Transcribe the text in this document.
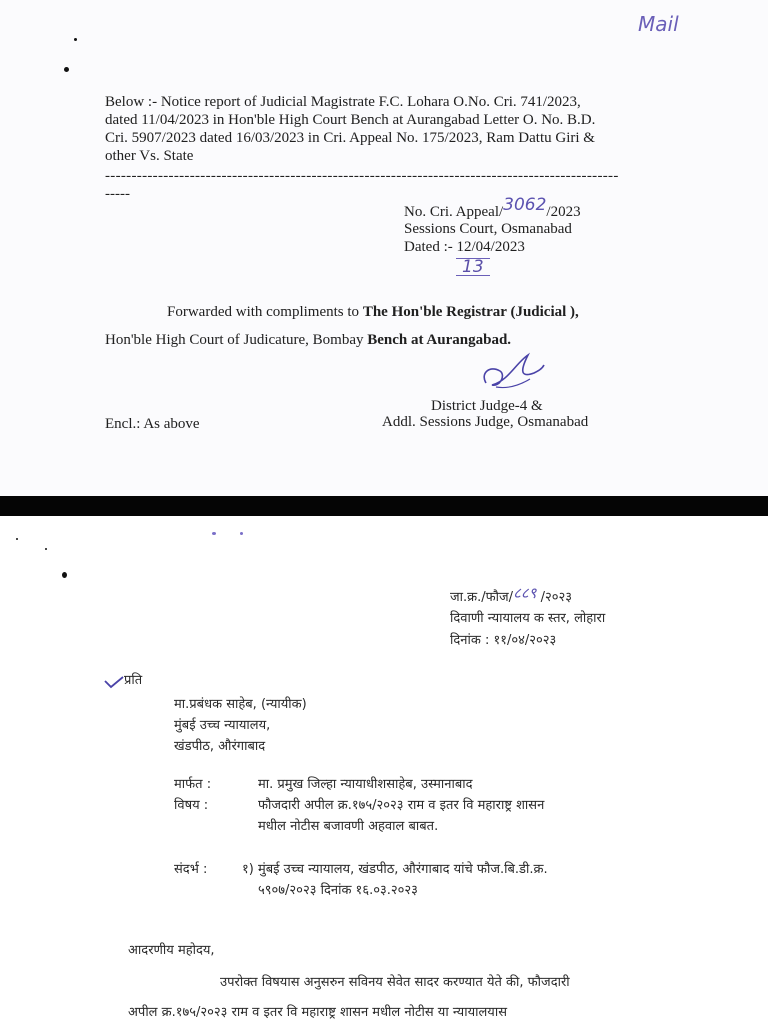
Mail
Below :- Notice report of Judicial Magistrate F.C. Lohara O.No. Cri. 741/2023,
dated 11/04/2023 in Hon'ble High Court Bench at Aurangabad Letter O. No. B.D.
Cri. 5907/2023 dated 16/03/2023 in Cri. Appeal No. 175/2023, Ram Dattu Giri &
other Vs. State
-------------------------------------------------------------------------------------------------
-----
No. Cri. Appeal/3062/2023
Sessions Court, Osmanabad
Dated :- 12/04/2023
13
Forwarded with compliments to The Hon'ble Registrar (Judicial ),
Hon'ble High Court of Judicature, Bombay Bench at Aurangabad.
District Judge-4 &
Encl.: As above	Addl. Sessions Judge, Osmanabad
जा.क्र./फौज/८८९ /२०२३
दिवाणी न्यायालय क स्तर, लोहारा
दिनांक : ११/०४/२०२३
प्रति
मा.प्रबंधक साहेब, (न्यायीक)
मुंबई उच्च न्यायालय,
खंडपीठ, औरंगाबाद
मार्फत :	मा. प्रमुख जिल्हा न्यायाधीशसाहेब, उस्मानाबाद
विषय :	फौजदारी अपील क्र.१७५/२०२३ राम व इतर वि महाराष्ट्र शासन
मधील नोटीस बजावणी अहवाल बाबत.
संदर्भ :	१) मुंबई उच्च न्यायालय, खंडपीठ, औरंगाबाद यांचे फौज.बि.डी.क्र.
५९०७/२०२३ दिनांक १६.०३.२०२३
आदरणीय महोदय,
उपरोक्त विषयास अनुसरुन सविनय सेवेत सादर करण्यात येते की, फौजदारी
अपील क्र.१७५/२०२३ राम व इतर वि महाराष्ट्र शासन मधील नोटीस या न्यायालयास
